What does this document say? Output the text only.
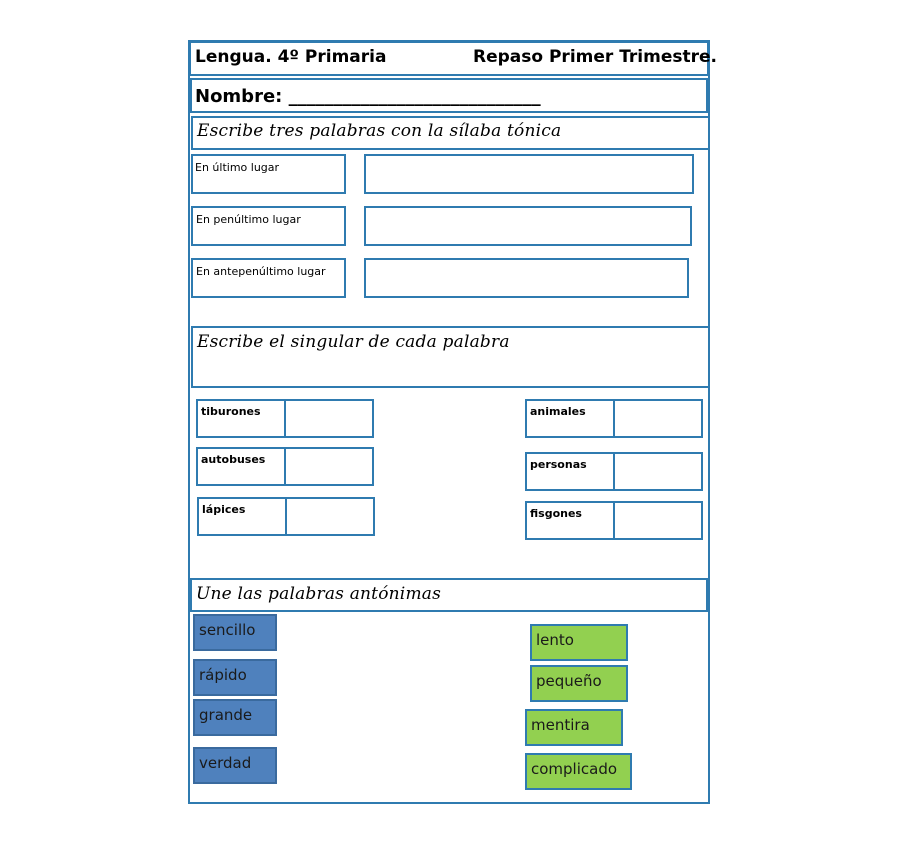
Lengua. 4º Primaria	Repaso Primer Trimestre.
Nombre: ____________________________
Escribe tres palabras con la sílaba tónica
En último lugar
En penúltimo lugar
En antepenúltimo lugar
Escribe el singular de cada palabra
tiburones
autobuses
lápices
animales
personas
fisgones
Une las palabras antónimas
sencillo
rápido
grande
verdad
lento
pequeño
mentira
complicado
